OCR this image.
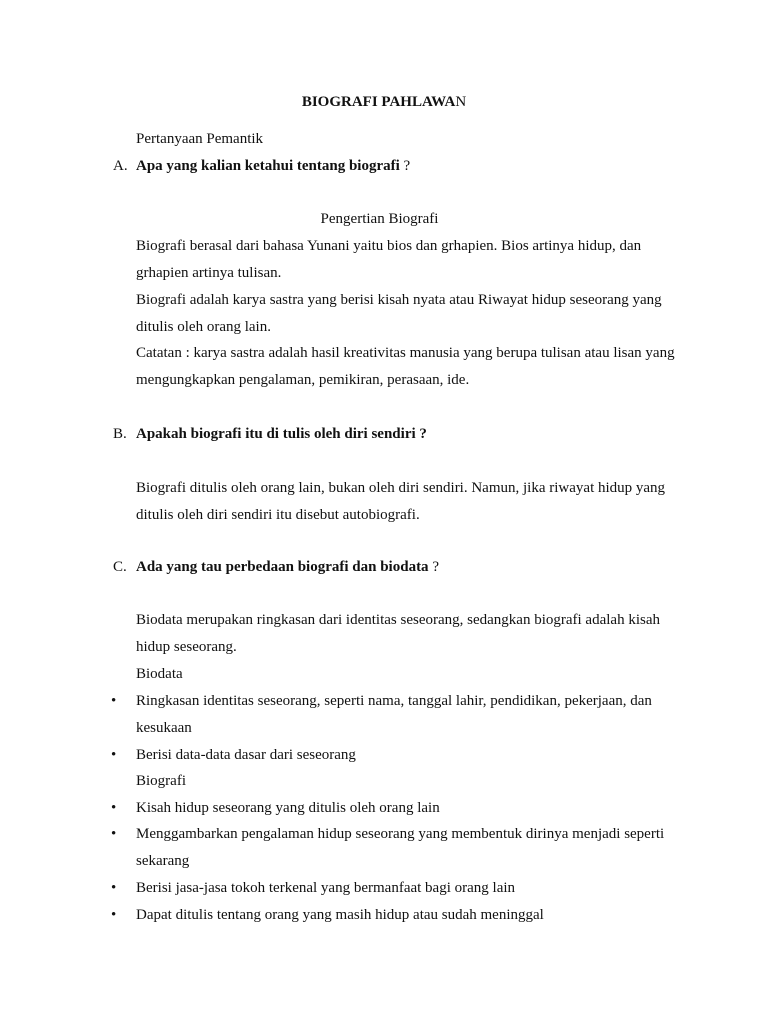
BIOGRAFI PAHLAWAN
Pertanyaan Pemantik
A. Apa yang kalian ketahui tentang biografi ?
Pengertian Biografi
Biografi berasal dari bahasa Yunani yaitu bios dan grhapien. Bios artinya hidup, dan
grhapien artinya tulisan.
Biografi adalah karya sastra yang berisi kisah nyata atau Riwayat hidup seseorang yang
ditulis oleh orang lain.
Catatan : karya sastra adalah hasil kreativitas manusia yang berupa tulisan atau lisan yang
mengungkapkan pengalaman, pemikiran, perasaan, ide.
B. Apakah biografi itu di tulis oleh diri sendiri ?
Biografi ditulis oleh orang lain, bukan oleh diri sendiri. Namun, jika riwayat hidup yang
ditulis oleh diri sendiri itu disebut autobiografi.
C. Ada yang tau perbedaan biografi dan biodata ?
Biodata merupakan ringkasan dari identitas seseorang, sedangkan biografi adalah kisah
hidup seseorang.
Biodata
• Ringkasan identitas seseorang, seperti nama, tanggal lahir, pendidikan, pekerjaan, dan
kesukaan
• Berisi data-data dasar dari seseorang
Biografi
• Kisah hidup seseorang yang ditulis oleh orang lain
• Menggambarkan pengalaman hidup seseorang yang membentuk dirinya menjadi seperti
sekarang
• Berisi jasa-jasa tokoh terkenal yang bermanfaat bagi orang lain
• Dapat ditulis tentang orang yang masih hidup atau sudah meninggal
